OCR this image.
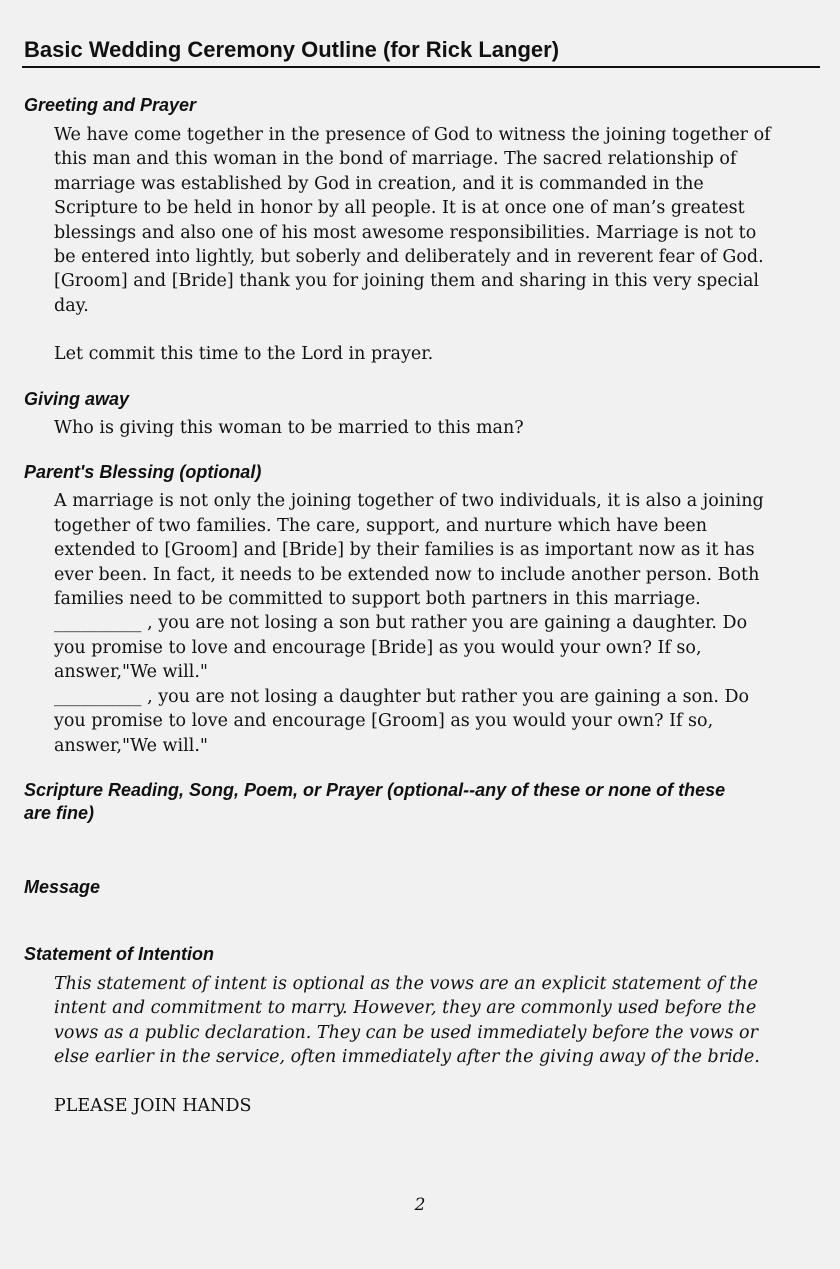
Basic Wedding Ceremony Outline (for Rick Langer)
Greeting and Prayer
We have come together in the presence of God to witness the joining together of
this man and this woman in the bond of marriage. The sacred relationship of
marriage was established by God in creation, and it is commanded in the
Scripture to be held in honor by all people. It is at once one of man’s greatest
blessings and also one of his most awesome responsibilities. Marriage is not to
be entered into lightly, but soberly and deliberately and in reverent fear of God.
[Groom] and [Bride] thank you for joining them and sharing in this very special
day.
Let commit this time to the Lord in prayer.
Giving away
Who is giving this woman to be married to this man?
Parent's Blessing (optional)
A marriage is not only the joining together of two individuals, it is also a joining
together of two families. The care, support, and nurture which have been
extended to [Groom] and [Bride] by their families is as important now as it has
ever been. In fact, it needs to be extended now to include another person. Both
families need to be committed to support both partners in this marriage.
__________ , you are not losing a son but rather you are gaining a daughter. Do
you promise to love and encourage [Bride] as you would your own? If so,
answer,"We will."
__________ , you are not losing a daughter but rather you are gaining a son. Do
you promise to love and encourage [Groom] as you would your own? If so,
answer,"We will."
Scripture Reading, Song, Poem, or Prayer (optional--any of these or none of these
are fine)
Message
Statement of Intention
This statement of intent is optional as the vows are an explicit statement of the
intent and commitment to marry. However, they are commonly used before the
vows as a public declaration. They can be used immediately before the vows or
else earlier in the service, often immediately after the giving away of the bride.
PLEASE JOIN HANDS
2
